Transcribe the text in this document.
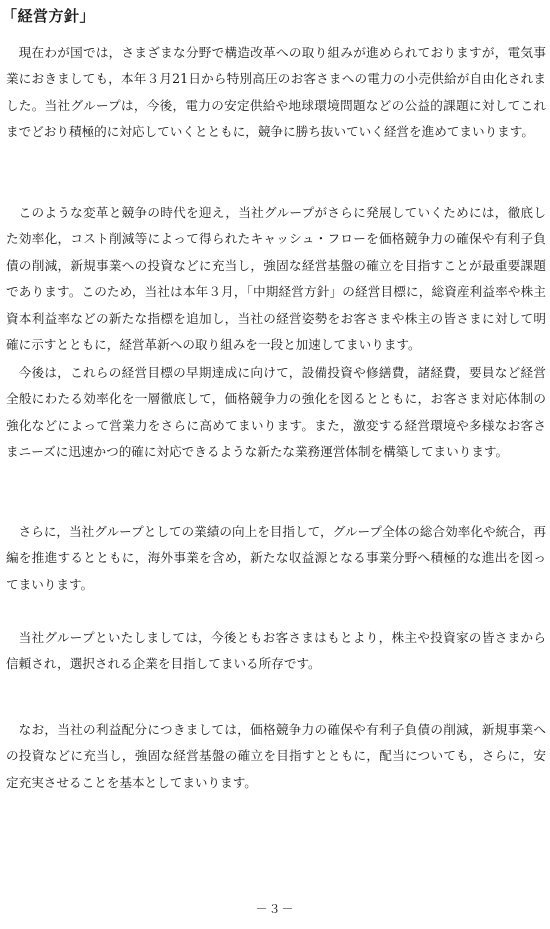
「経営方針」

現在わが国では，さまざまな分野で構造改革への取り組みが進められておりますが，電気事業におきましても，本年３月21日から特別高圧のお客さまへの電力の小売供給が自由化されました。当社グループは，今後，電力の安定供給や地球環境問題などの公益的課題に対してこれまでどおり積極的に対応していくとともに，競争に勝ち抜いていく経営を進めてまいります。

このような変革と競争の時代を迎え，当社グループがさらに発展していくためには，徹底した効率化，コスト削減等によって得られたキャッシュ・フローを価格競争力の確保や有利子負債の削減，新規事業への投資などに充当し，強固な経営基盤の確立を目指すことが最重要課題であります。このため，当社は本年３月，「中期経営方針」の経営目標に，総資産利益率や株主資本利益率などの新たな指標を追加し，当社の経営姿勢をお客さまや株主の皆さまに対して明確に示すとともに，経営革新への取り組みを一段と加速してまいります。

今後は，これらの経営目標の早期達成に向けて，設備投資や修繕費，諸経費，要員など経営全般にわたる効率化を一層徹底して，価格競争力の強化を図るとともに，お客さま対応体制の強化などによって営業力をさらに高めてまいります。また，激変する経営環境や多様なお客さまニーズに迅速かつ的確に対応できるような新たな業務運営体制を構築してまいります。

さらに，当社グループとしての業績の向上を目指して，グループ全体の総合効率化や統合，再編を推進するとともに，海外事業を含め，新たな収益源となる事業分野へ積極的な進出を図ってまいります。

当社グループといたしましては，今後ともお客さまはもとより，株主や投資家の皆さまから信頼され，選択される企業を目指してまいる所存です。

なお，当社の利益配分につきましては，価格競争力の確保や有利子負債の削減，新規事業への投資などに充当し，強固な経営基盤の確立を目指すとともに，配当についても，さらに，安定充実させることを基本としてまいります。

－３－
